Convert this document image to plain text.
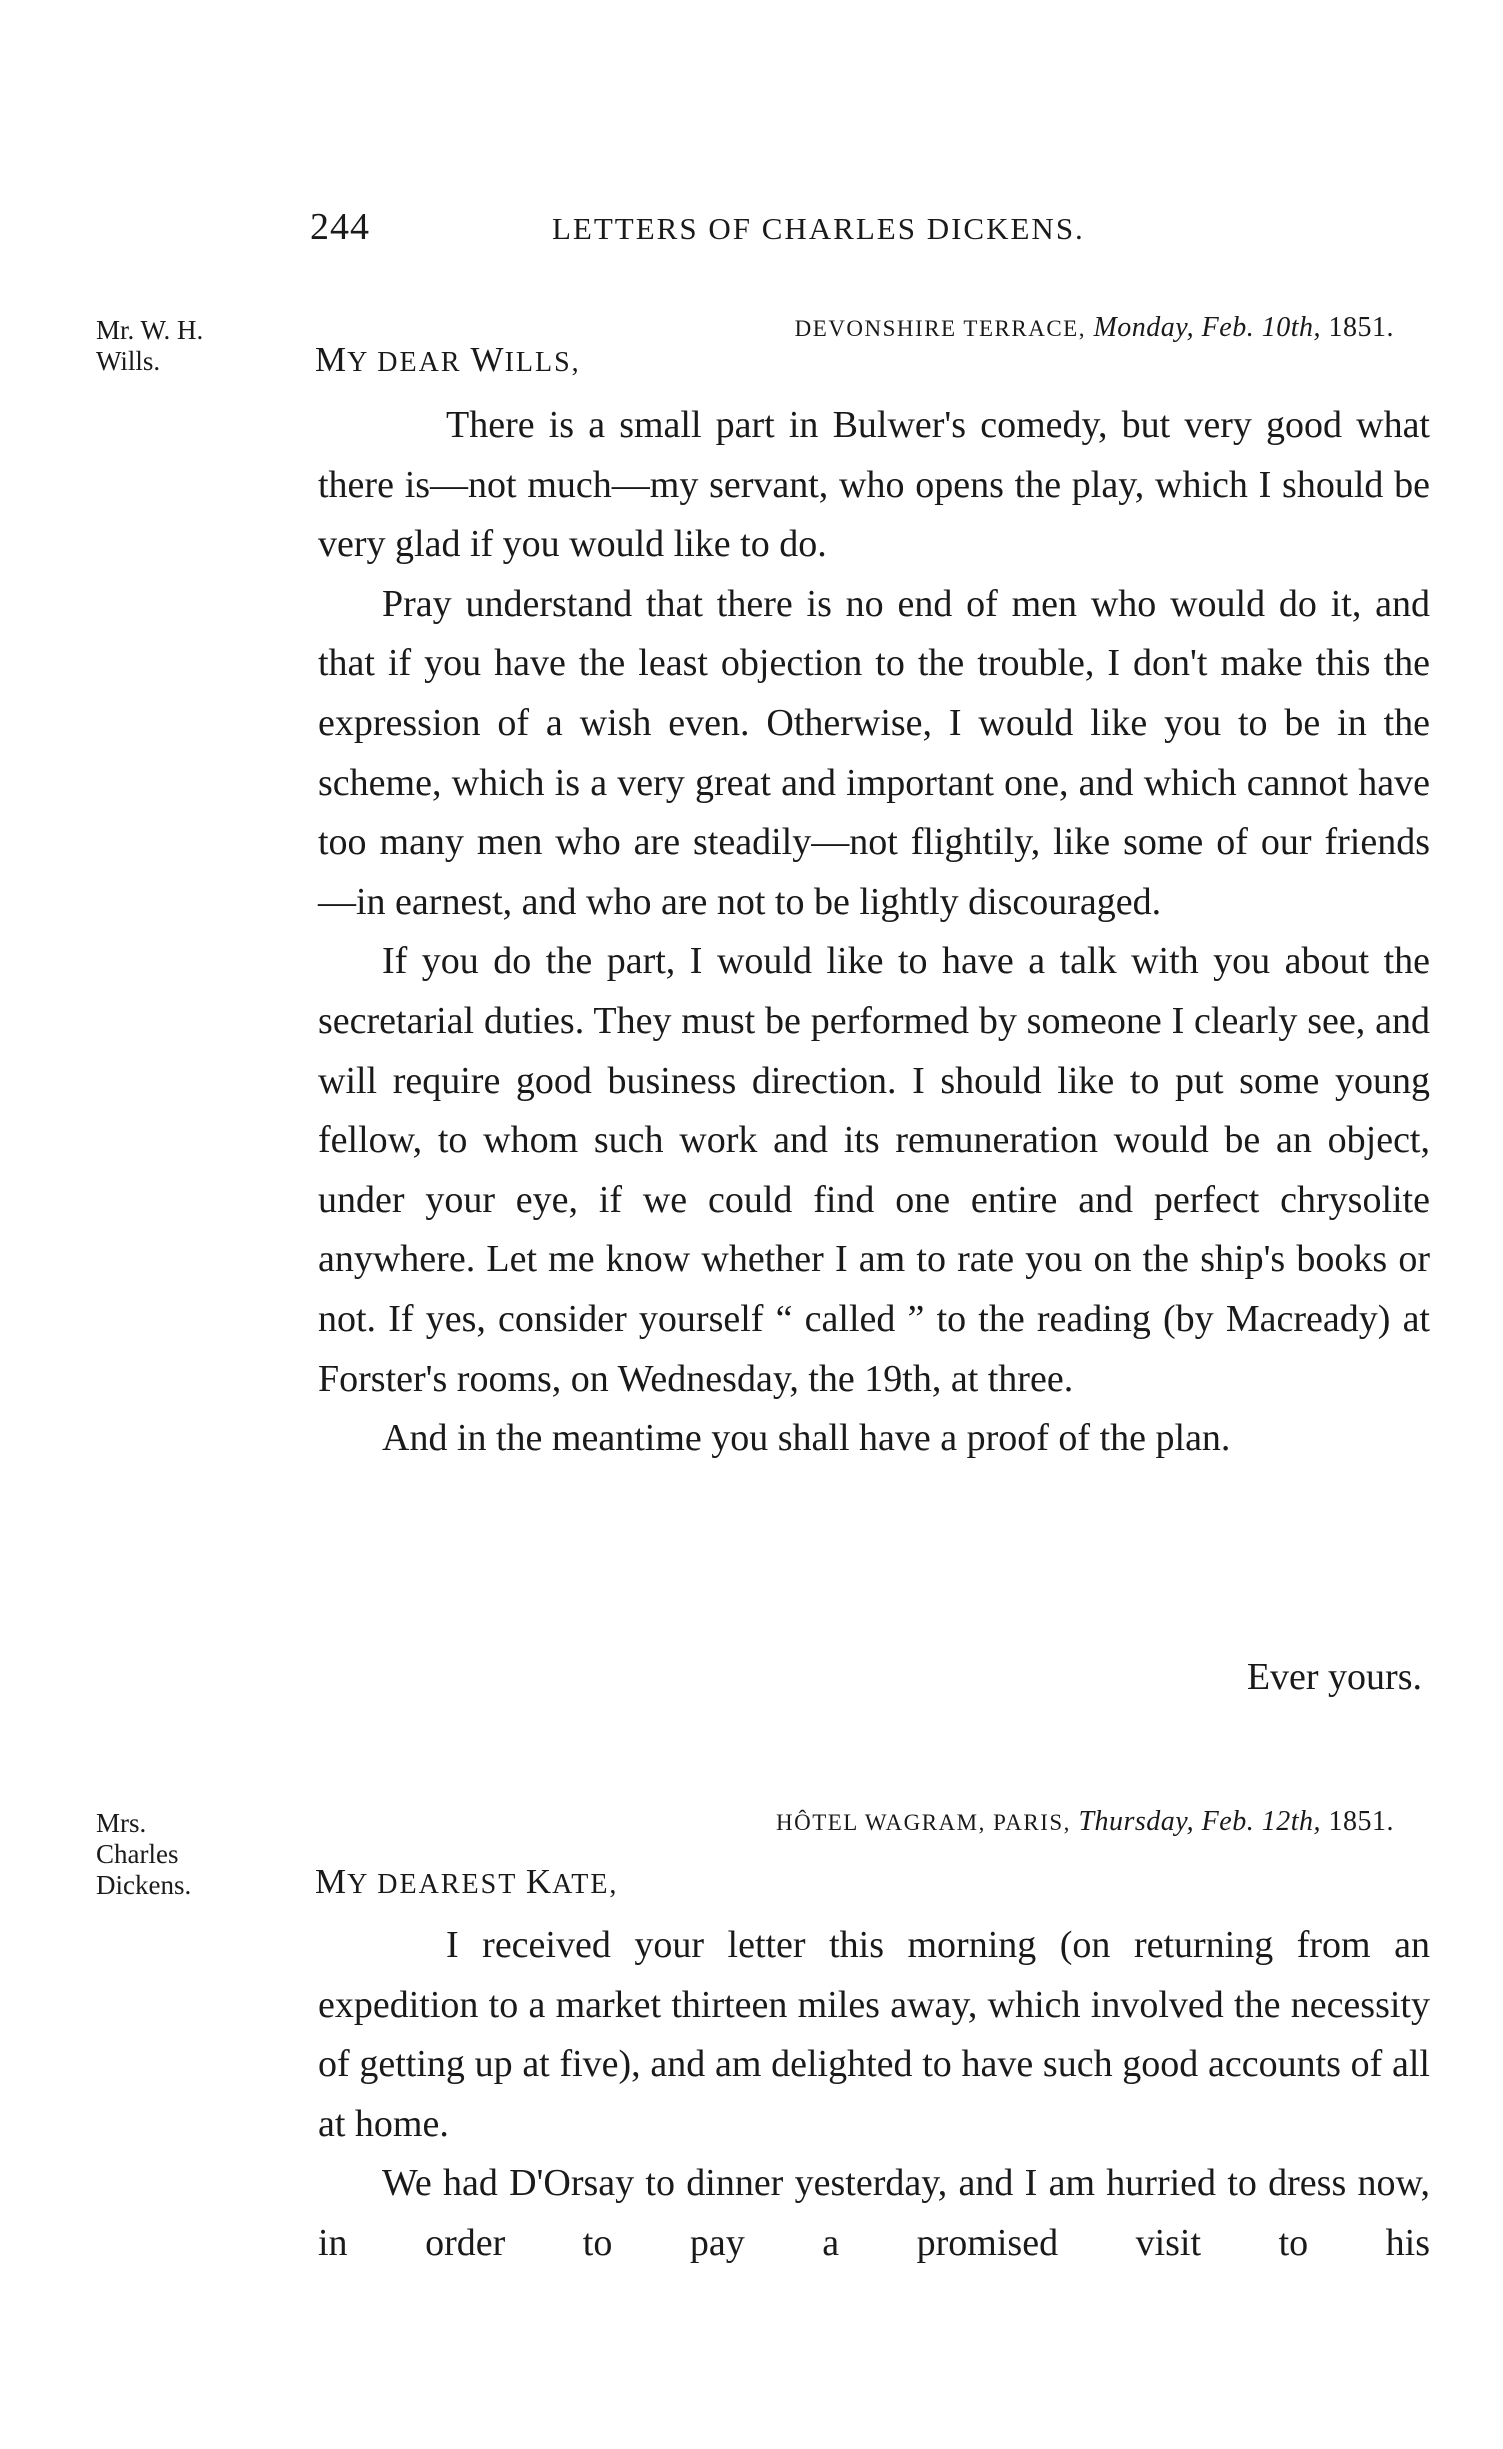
244	LETTERS OF CHARLES DICKENS.
Mr. W. H. Wills.
DEVONSHIRE TERRACE, Monday, Feb. 10th, 1851.
MY DEAR WILLS,

There is a small part in Bulwer's comedy, but very good what there is—not much—my servant, who opens the play, which I should be very glad if you would like to do.

Pray understand that there is no end of men who would do it, and that if you have the least objection to the trouble, I don't make this the expression of a wish even. Otherwise, I would like you to be in the scheme, which is a very great and important one, and which cannot have too many men who are steadily—not flightily, like some of our friends —in earnest, and who are not to be lightly discouraged.

If you do the part, I would like to have a talk with you about the secretarial duties. They must be performed by someone I clearly see, and will require good business direction. I should like to put some young fellow, to whom such work and its remuneration would be an object, under your eye, if we could find one entire and perfect chrysolite anywhere. Let me know whether I am to rate you on the ship's books or not. If yes, consider yourself “ called ” to the reading (by Macready) at Forster's rooms, on Wednesday, the 19th, at three.

And in the meantime you shall have a proof of the plan.

Ever yours.
Mrs. Charles Dickens.
HÔTEL WAGRAM, PARIS, Thursday, Feb. 12th, 1851.
MY DEAREST KATE,

I received your letter this morning (on returning from an expedition to a market thirteen miles away, which involved the necessity of getting up at five), and am delighted to have such good accounts of all at home.

We had D'Orsay to dinner yesterday, and I am hurried to dress now, in order to pay a promised visit to his
